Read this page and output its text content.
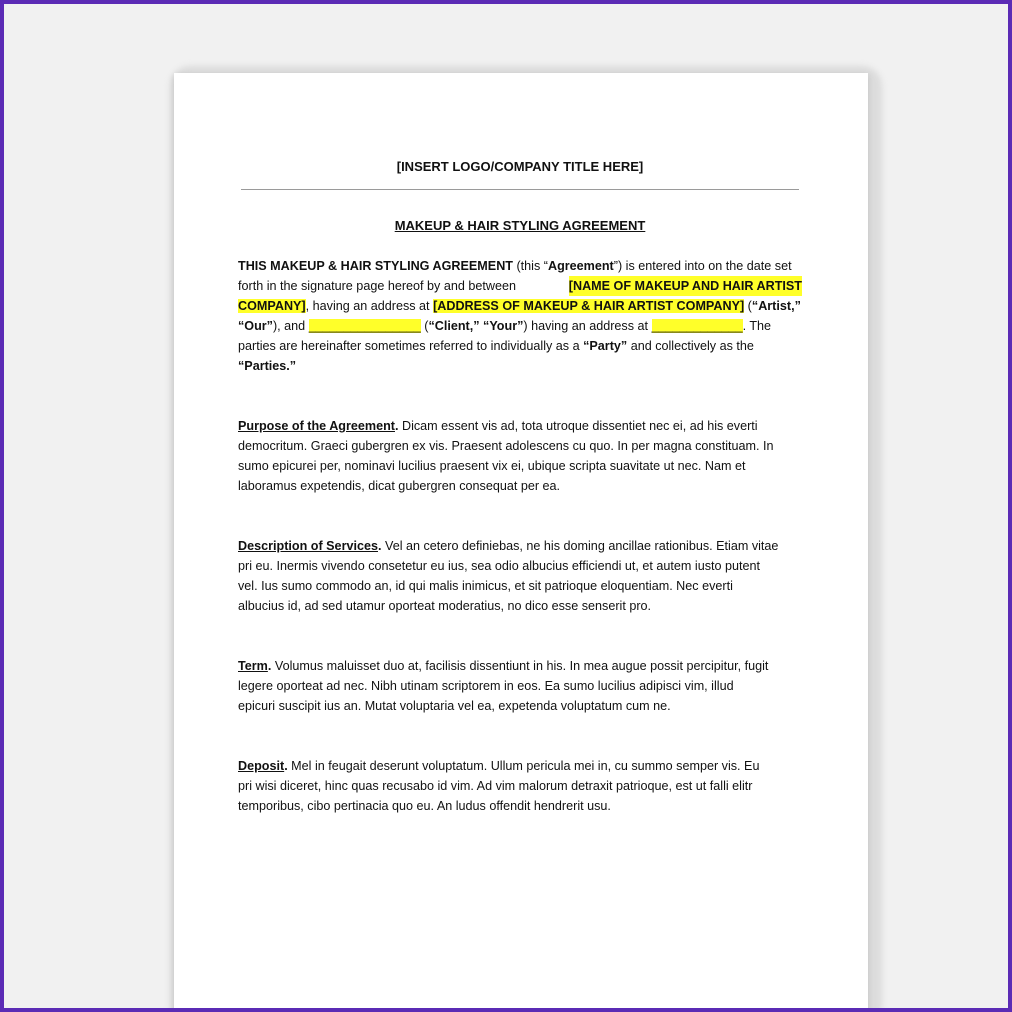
[INSERT LOGO/COMPANY TITLE HERE]

MAKEUP & HAIR STYLING AGREEMENT

THIS MAKEUP & HAIR STYLING AGREEMENT (this “Agreement”) is entered into on the date set
forth in the signature page hereof by and between	[NAME OF MAKEUP AND HAIR ARTIST
COMPANY], having an address at [ADDRESS OF MAKEUP & HAIR ARTIST COMPANY] (“Artist,”
“Our”), and ________________ (“Client,” “Your”) having an address at _____________. The
parties are hereinafter sometimes referred to individually as a “Party” and collectively as the
“Parties.”
Purpose of the Agreement. Dicam essent vis ad, tota utroque dissentiet nec ei, ad his everti
democritum. Graeci gubergren ex vis. Praesent adolescens cu quo. In per magna constituam. In
sumo epicurei per, nominavi lucilius praesent vix ei, ubique scripta suavitate ut nec. Nam et
laboramus expetendis, dicat gubergren consequat per ea.
Description of Services. Vel an cetero definiebas, ne his doming ancillae rationibus. Etiam vitae
pri eu. Inermis vivendo consetetur eu ius, sea odio albucius efficiendi ut, et autem iusto putent
vel. Ius sumo commodo an, id qui malis inimicus, et sit patrioque eloquentiam. Nec everti
albucius id, ad sed utamur oporteat moderatius, no dico esse senserit pro.
Term. Volumus maluisset duo at, facilisis dissentiunt in his. In mea augue possit percipitur, fugit
legere oporteat ad nec. Nibh utinam scriptorem in eos. Ea sumo lucilius adipisci vim, illud
epicuri suscipit ius an. Mutat voluptaria vel ea, expetenda voluptatum cum ne.
Deposit. Mel in feugait deserunt voluptatum. Ullum pericula mei in, cu summo semper vis. Eu
pri wisi diceret, hinc quas recusabo id vim. Ad vim malorum detraxit patrioque, est ut falli elitr
temporibus, cibo pertinacia quo eu. An ludus offendit hendrerit usu.
